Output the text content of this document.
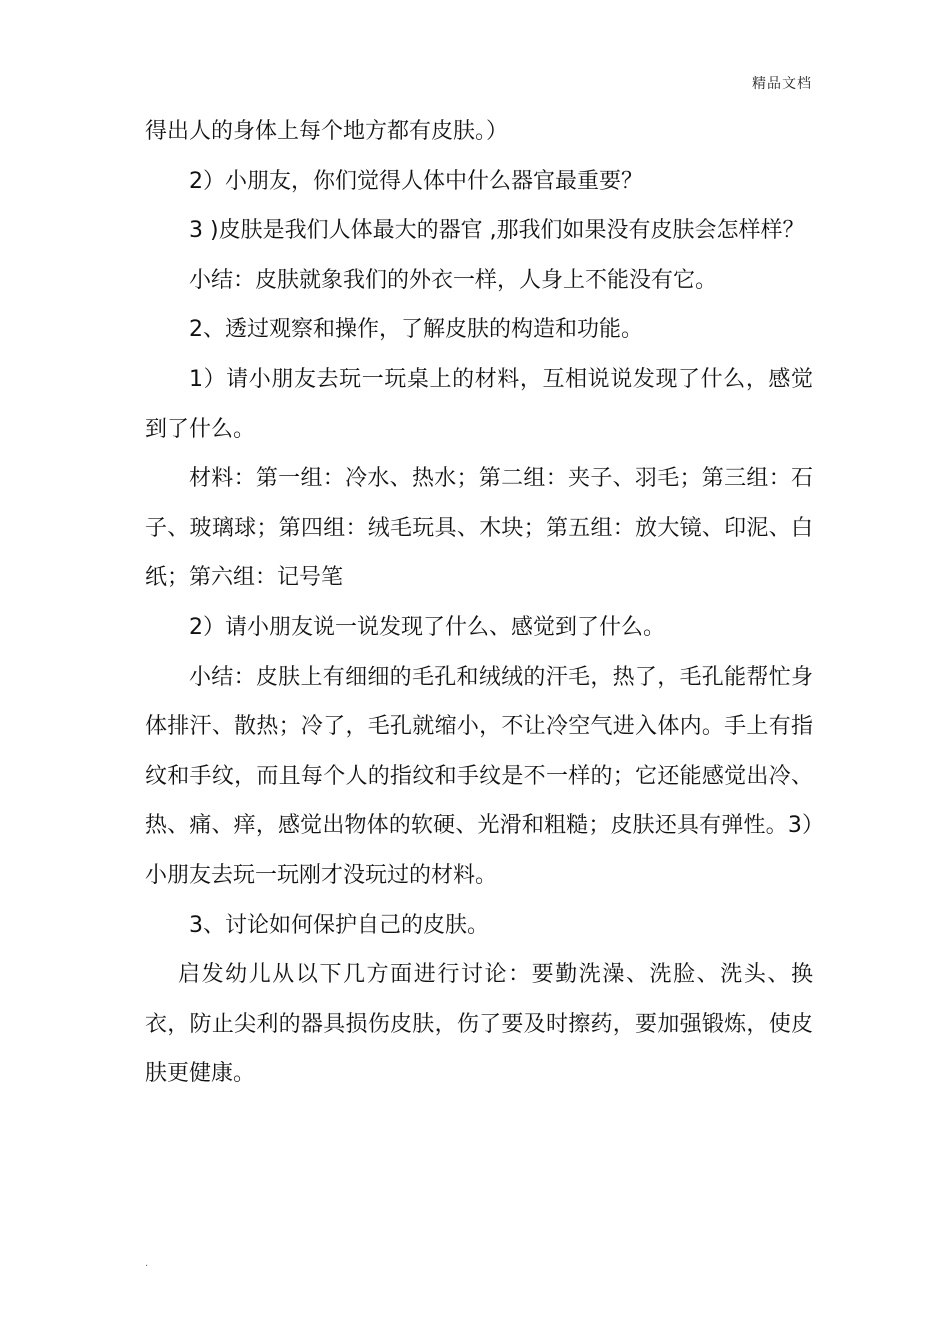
精品文档

得出人的身体上每个地方都有皮肤。）

2）小朋友，你们觉得人体中什么器官最重要？

3 )皮肤是我们人体最大的器官 ,那我们如果没有皮肤会怎样样？

小结：皮肤就象我们的外衣一样，人身上不能没有它。

2、透过观察和操作，了解皮肤的构造和功能。

1）请小朋友去玩一玩桌上的材料，互相说说发现了什么，感觉到了什么。

材料：第一组：冷水、热水；第二组：夹子、羽毛；第三组：石子、玻璃球；第四组：绒毛玩具、木块；第五组：放大镜、印泥、白纸；第六组：记号笔

2）请小朋友说一说发现了什么、感觉到了什么。

小结：皮肤上有细细的毛孔和绒绒的汗毛，热了，毛孔能帮忙身体排汗、散热；冷了，毛孔就缩小，不让冷空气进入体内。手上有指纹和手纹，而且每个人的指纹和手纹是不一样的；它还能感觉出冷、热、痛、痒，感觉出物体的软硬、光滑和粗糙；皮肤还具有弹性。3）小朋友去玩一玩刚才没玩过的材料。

3、讨论如何保护自己的皮肤。

启发幼儿从以下几方面进行讨论：要勤洗澡、洗脸、洗头、换衣，防止尖利的器具损伤皮肤，伤了要及时擦药，要加强锻炼，使皮肤更健康。

.
